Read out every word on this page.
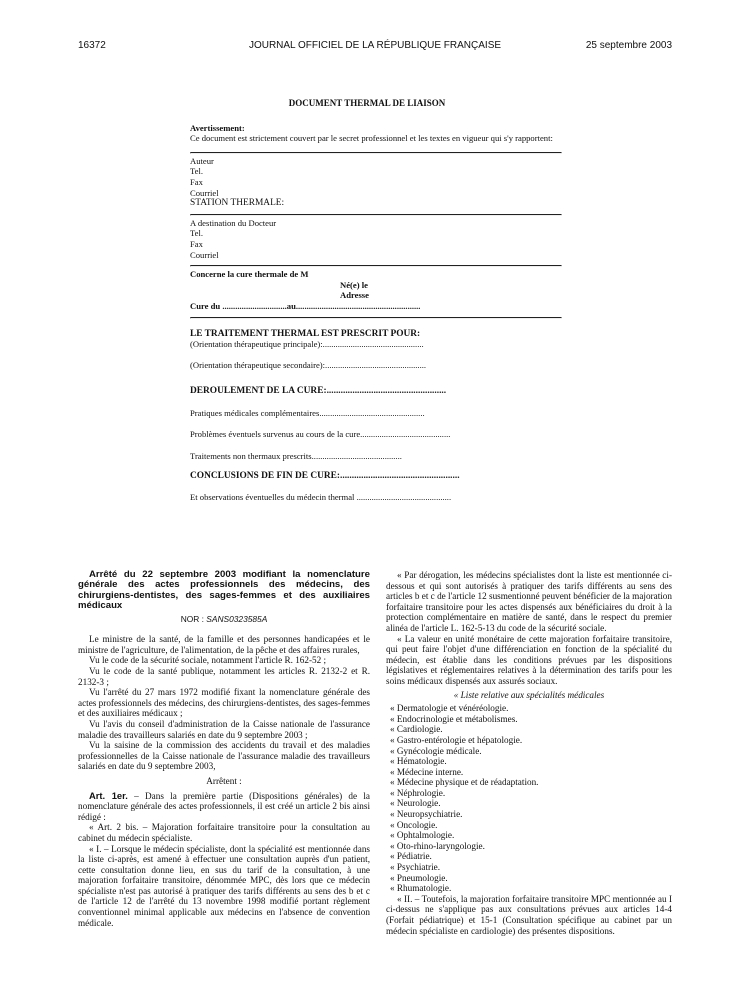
16372	JOURNAL OFFICIEL DE LA RÉPUBLIQUE FRANÇAISE	25 septembre 2003
DOCUMENT THERMAL DE LIAISON
Avertissement:
Ce document est strictement couvert par le secret professionnel et les textes en vigueur qui s'y rapportent:
Auteur
Tel.
Fax
Courriel
STATION THERMALE:
A destination du Docteur
Tel.
Fax
Courriel
Concerne la cure thermale de M
Né(e) le
Adresse
Cure du ..............................au..........................................................
LE TRAITEMENT THERMAL EST PRESCRIT POUR:
(Orientation thérapeutique principale):...............................................
(Orientation thérapeutique secondaire):...............................................
DEROULEMENT DE LA CURE:...................................................
Pratiques médicales complémentaires.................................................
Problèmes éventuels survenus au cours de la cure..........................................
Traitements non thermaux prescrits..........................................
CONCLUSIONS DE FIN DE CURE:...................................................
Et observations éventuelles du médecin thermal ............................................

Arrêté du 22 septembre 2003 modifiant la nomenclature générale des actes professionnels des médecins, des chirurgiens-dentistes, des sages-femmes et des auxiliaires médicaux

NOR : SANS0323585A

Le ministre de la santé, de la famille et des personnes handicapées et le ministre de l'agriculture, de l'alimentation, de la pêche et des affaires rurales,

Vu le code de la sécurité sociale, notamment l'article R. 162-52 ;

Vu le code de la santé publique, notamment les articles R. 2132-2 et R. 2132-3 ;

Vu l'arrêté du 27 mars 1972 modifié fixant la nomenclature générale des actes professionnels des médecins, des chirurgiens-dentistes, des sages-femmes et des auxiliaires médicaux ;

Vu l'avis du conseil d'administration de la Caisse nationale de l'assurance maladie des travailleurs salariés en date du 9 septembre 2003 ;

Vu la saisine de la commission des accidents du travail et des maladies professionnelles de la Caisse nationale de l'assurance maladie des travailleurs salariés en date du 9 septembre 2003,

Arrêtent :

Art. 1er. – Dans la première partie (Dispositions générales) de la nomenclature générale des actes professionnels, il est créé un article 2 bis ainsi rédigé :

« Art. 2 bis. – Majoration forfaitaire transitoire pour la consultation au cabinet du médecin spécialiste.

« I. – Lorsque le médecin spécialiste, dont la spécialité est mentionnée dans la liste ci-après, est amené à effectuer une consultation auprès d'un patient, cette consultation donne lieu, en sus du tarif de la consultation, à une majoration forfaitaire transitoire, dénommée MPC, dès lors que ce médecin spécialiste n'est pas autorisé à pratiquer des tarifs différents au sens des b et c de l'article 12 de l'arrêté du 13 novembre 1998 modifié portant règlement conventionnel minimal applicable aux médecins en l'absence de convention médicale.

« Par dérogation, les médecins spécialistes dont la liste est mentionnée ci-dessous et qui sont autorisés à pratiquer des tarifs différents au sens des articles b et c de l'article 12 susmentionné peuvent bénéficier de la majoration forfaitaire transitoire pour les actes dispensés aux bénéficiaires du droit à la protection complémentaire en matière de santé, dans le respect du premier alinéa de l'article L. 162-5-13 du code de la sécurité sociale.

« La valeur en unité monétaire de cette majoration forfaitaire transitoire, qui peut faire l'objet d'une différenciation en fonction de la spécialité du médecin, est établie dans les conditions prévues par les dispositions législatives et réglementaires relatives à la détermination des tarifs pour les soins médicaux dispensés aux assurés sociaux.

« Liste relative aux spécialités médicales

« Dermatologie et vénéréologie.
« Endocrinologie et métabolismes.
« Cardiologie.
« Gastro-entérologie et hépatologie.
« Gynécologie médicale.
« Hématologie.
« Médecine interne.
« Médecine physique et de réadaptation.
« Néphrologie.
« Neurologie.
« Neuropsychiatrie.
« Oncologie.
« Ophtalmologie.
« Oto-rhino-laryngologie.
« Pédiatrie.
« Psychiatrie.
« Pneumologie.
« Rhumatologie.

« II. – Toutefois, la majoration forfaitaire transitoire MPC mentionnée au I ci-dessus ne s'applique pas aux consultations prévues aux articles 14-4 (Forfait pédiatrique) et 15-1 (Consultation spécifique au cabinet par un médecin spécialiste en cardiologie) des présentes dispositions.
